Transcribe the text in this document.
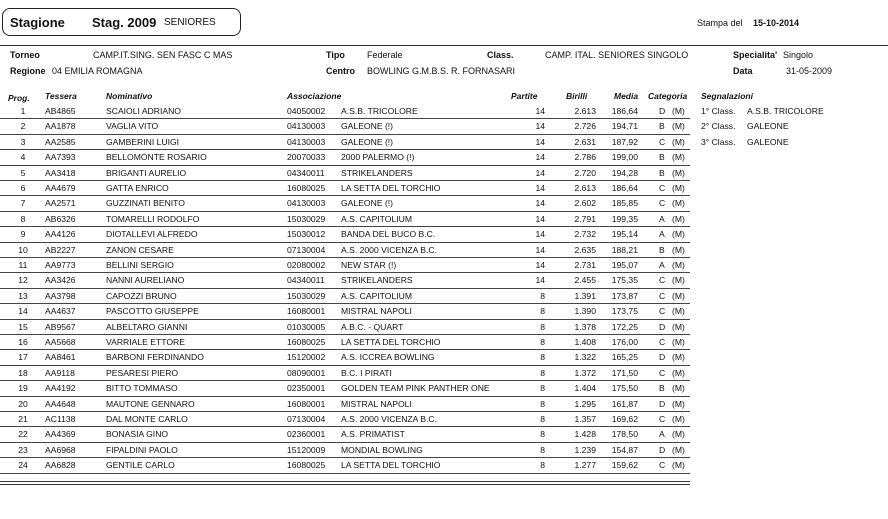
Stagione Stag. 2009 SENIORES	Stampa del 15-10-2014
Torneo	CAMP.IT.SING. SEN FASC C MAS
Regione 04 EMILIA ROMAGNA
Tipo Federale
Centro BOWLING G.M.B.S. R. FORNASARI
Class.	CAMP. ITAL. SENIORES SINGOLO	Specialita' Singolo
Data	31-05-2009
Prog. Tessera	Nominativo	Associazione	Partite	Birilli	Media Categoria Segnalazioni
1	AB4865	SCAIOLI ADRIANO	04050002 A.S.B. TRICOLORE	14	2.613	186,64 D (M)
2	AA1878	VAGLIA VITO	04130003 GALEONE (!)	14	2.726	194,71 B (M)
3	AA2585	GAMBERINI LUIGI	04130003 GALEONE (!)	14	2.631	187,92 C (M)
4	AA7393	BELLOMONTE ROSARIO	20070033 2000 PALERMO (!)	14	2.786	199,00 B (M)
5	AA3418	BRIGANTI AURELIO	04340011 STRIKELANDERS	14	2.720	194,28 B (M)
6	AA4679	GATTA ENRICO	16080025 LA SETTA DEL TORCHIO	14	2.613	186,64 C (M)
7	AA2571	GUZZINATI BENITO	04130003 GALEONE (!)	14	2.602	185,85 C (M)
8	AB6326	TOMARELLI RODOLFO	15030029 A.S. CAPITOLIUM	14	2.791	199,35 A (M)
9	AA4126	DIOTALLEVI ALFREDO	15030012 BANDA DEL BUCO B.C.	14	2.732	195,14 A (M)
10	AB2227	ZANON CESARE	07130004 A.S. 2000 VICENZA B.C.	14	2.635	188,21 B (M)
11	AA9773	BELLINI SERGIO	02080002 NEW STAR (!)	14	2.731	195,07 A (M)
12	AA3426	NANNI AURELIANO	04340011 STRIKELANDERS	14	2.455	175,35 C (M)
13	AA3798	CAPOZZI BRUNO	15030029 A.S. CAPITOLIUM	8	1.391	173,87 C (M)
14	AA4637	PASCOTTO GIUSEPPE	16080001 MISTRAL NAPOLI	8	1.390	173,75 C (M)
15	AB9567	ALBELTARO GIANNI	01030005 A.B.C. - QUART	8	1.378	172,25 D (M)
16	AA5668	VARRIALE ETTORE	16080025 LA SETTA DEL TORCHIO	8	1.408	176,00 C (M)
17	AA8461	BARBONI FERDINANDO	15120002 A.S. ICCREA BOWLING	8	1.322	165,25 D (M)
18	AA9118	PESARESI PIERO	08090001 B.C. I PIRATI	8	1.372	171,50 C (M)
19	AA4192	BITTO TOMMASO	02350001 GOLDEN TEAM PINK PANTHER ONE	8	1.404	175,50 B (M)
20	AA4648	MAUTONE GENNARO	16080001 MISTRAL NAPOLI	8	1.295	161,87 D (M)
21	AC1138	DAL MONTE CARLO	07130004 A.S. 2000 VICENZA B.C.	8	1.357	169,62 C (M)
22	AA4369	BONASIA GINO	02360001 A.S. PRIMATIST	8	1.428	178,50 A (M)
23	AA6968	FIPALDINI PAOLO	15120009 MONDIAL BOWLING	8	1.239	154,87 D (M)
24	AA6828	GENTILE CARLO	16080025 LA SETTA DEL TORCHIO	8	1.277	159,62 C (M)
1° Class. A.S.B. TRICOLORE
2° Class. GALEONE
3° Class. GALEONE
